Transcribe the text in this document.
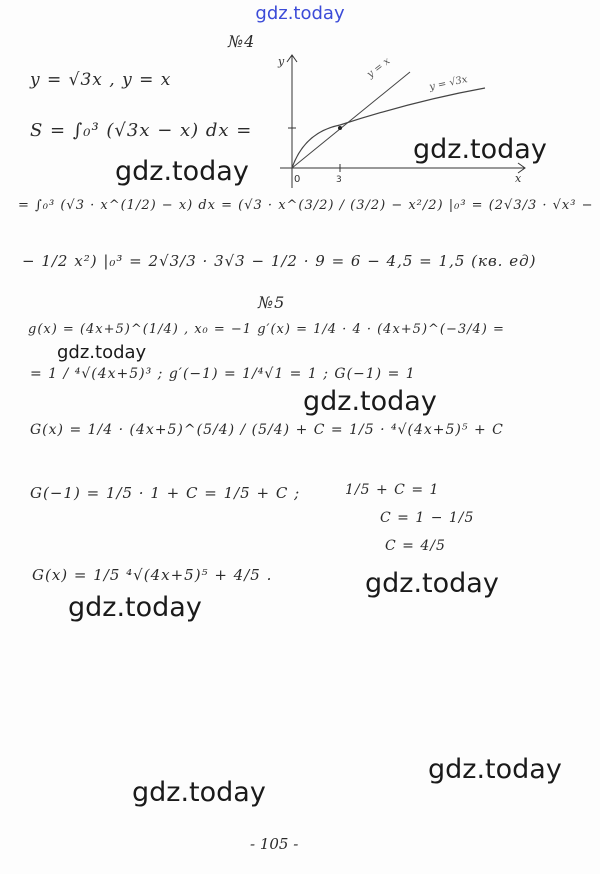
gdz.today
№4
y = √3x , y = x
S = ∫₀³ (√3x − x) dx =
0	x
y
3
y = x
y = √3x
= ∫₀³ (√3 · x^(1/2) − x) dx = (√3 · x^(3/2) / (3/2) − x²/2) |₀³ = (2√3/3 · √x³ −
− 1/2 x²) |₀³ = 2√3/3 · 3√3 − 1/2 · 9 = 6 − 4,5 = 1,5 (кв. ед)
№5
g(x) = (4x+5)^(1/4) , x₀ = −1 g′(x) = 1/4 · 4 · (4x+5)^(−3/4) =
= 1 / ⁴√(4x+5)³ ; g′(−1) = 1/⁴√1 = 1 ; G(−1) = 1
G(x) = 1/4 · (4x+5)^(5/4) / (5/4) + C = 1/5 · ⁴√(4x+5)⁵ + C
G(−1) = 1/5 · 1 + C = 1/5 + C ;	1/5 + C = 1
C = 1 − 1/5
C = 4/5
G(x) = 1/5 ⁴√(4x+5)⁵ + 4/5 .
gdz.today
gdz.today
gdz.today
gdz.today
gdz.today
gdz.today
gdz.today
gdz.today
- 105 -
